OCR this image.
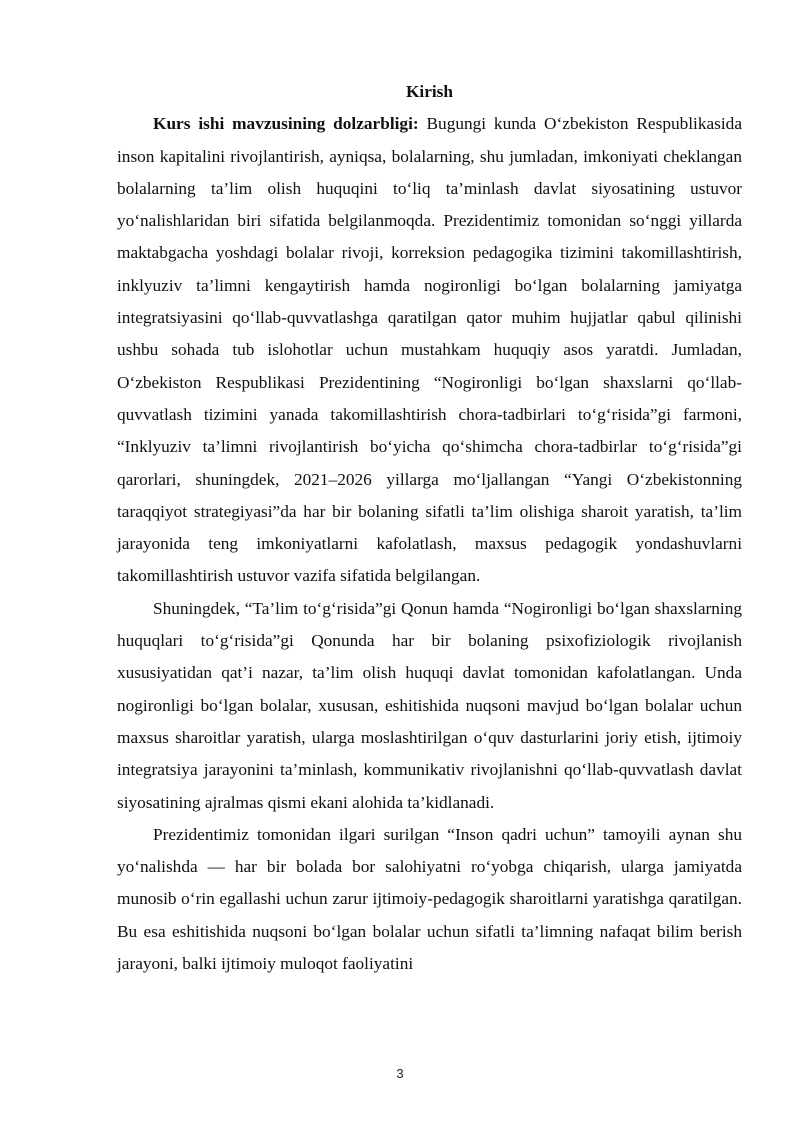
Kirish

Kurs ishi mavzusining dolzarbligi: Bugungi kunda O‘zbekiston Respublikasida inson kapitalini rivojlantirish, ayniqsa, bolalarning, shu jumladan, imkoniyati cheklangan bolalarning ta’lim olish huquqini to‘liq ta’minlash davlat siyosatining ustuvor yo‘nalishlaridan biri sifatida belgilanmoqda. Prezidentimiz tomonidan so‘nggi yillarda maktabgacha yoshdagi bolalar rivoji, korreksion pedagogika tizimini takomillashtirish, inklyuziv ta’limni kengaytirish hamda nogironligi bo‘lgan bolalarning jamiyatga integratsiyasini qo‘llab-quvvatlashga qaratilgan qator muhim hujjatlar qabul qilinishi ushbu sohada tub islohotlar uchun mustahkam huquqiy asos yaratdi. Jumladan, O‘zbekiston Respublikasi Prezidentining “Nogironligi bo‘lgan shaxslarni qo‘llab-quvvatlash tizimini yanada takomillashtirish chora-tadbirlari to‘g‘risida”gi farmoni, “Inklyuziv ta’limni rivojlantirish bo‘yicha qo‘shimcha chora-tadbirlar to‘g‘risida”gi qarorlari, shuningdek, 2021–2026 yillarga mo‘ljallangan “Yangi O‘zbekistonning taraqqiyot strategiyasi”da har bir bolaning sifatli ta’lim olishiga sharoit yaratish, ta’lim jarayonida teng imkoniyatlarni kafolatlash, maxsus pedagogik yondashuvlarni takomillashtirish ustuvor vazifa sifatida belgilangan.

Shuningdek, “Ta’lim to‘g‘risida”gi Qonun hamda “Nogironligi bo‘lgan shaxslarning huquqlari to‘g‘risida”gi Qonunda har bir bolaning psixofiziologik rivojlanish xususiyatidan qat’i nazar, ta’lim olish huquqi davlat tomonidan kafolatlangan. Unda nogironligi bo‘lgan bolalar, xususan, eshitishida nuqsoni mavjud bo‘lgan bolalar uchun maxsus sharoitlar yaratish, ularga moslashtirilgan o‘quv dasturlarini joriy etish, ijtimoiy integratsiya jarayonini ta’minlash, kommunikativ rivojlanishni qo‘llab-quvvatlash davlat siyosatining ajralmas qismi ekani alohida ta’kidlanadi.

Prezidentimiz tomonidan ilgari surilgan “Inson qadri uchun” tamoyili aynan shu yo‘nalishda — har bir bolada bor salohiyatni ro‘yobga chiqarish, ularga jamiyatda munosib o‘rin egallashi uchun zarur ijtimoiy-pedagogik sharoitlarni yaratishga qaratilgan. Bu esa eshitishida nuqsoni bo‘lgan bolalar uchun sifatli ta’limning nafaqat bilim berish jarayoni, balki ijtimoiy muloqot faoliyatini

3
